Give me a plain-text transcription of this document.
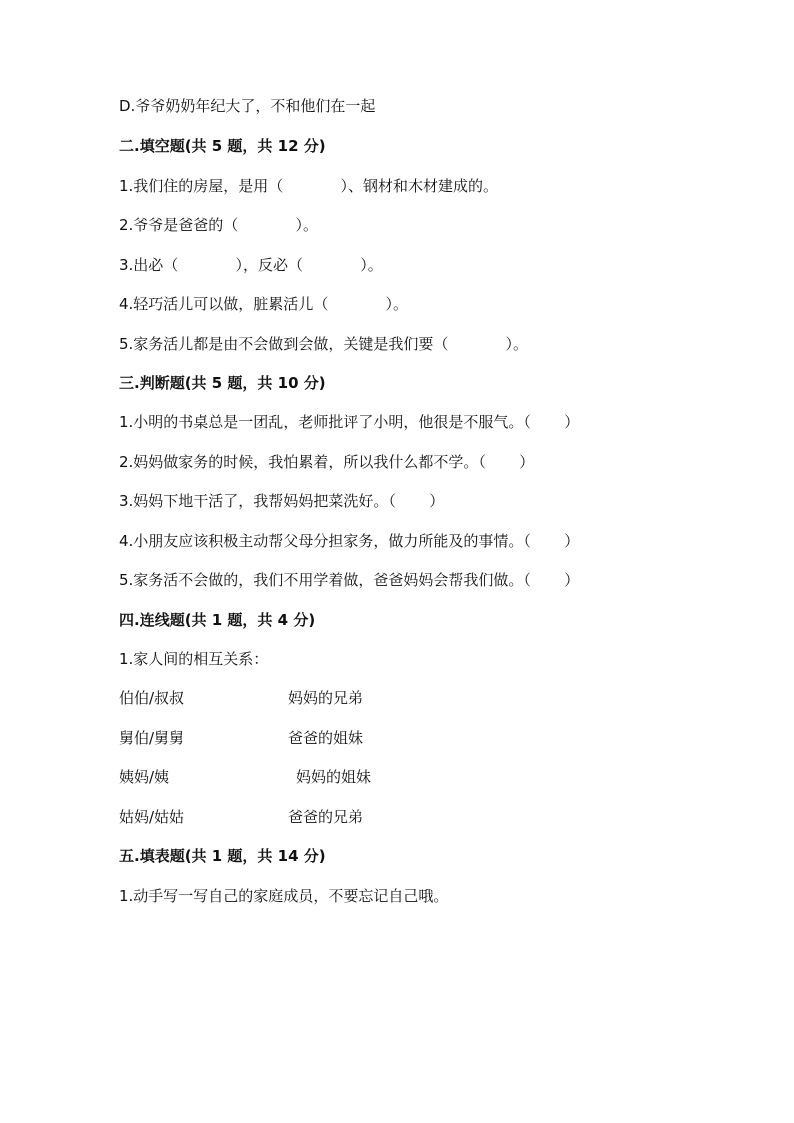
D.爷爷奶奶年纪大了，不和他们在一起

二.填空题(共 5 题，共 12 分)

1.我们住的房屋，是用（            ）、钢材和木材建成的。

2.爷爷是爸爸的（            ）。

3.出必（            ），反必（            ）。

4.轻巧活儿可以做，脏累活儿（            ）。

5.家务活儿都是由不会做到会做，关键是我们要（            ）。

三.判断题(共 5 题，共 10 分)

1.小明的书桌总是一团乱，老师批评了小明，他很是不服气。（       ）

2.妈妈做家务的时候，我怕累着，所以我什么都不学。（       ）

3.妈妈下地干活了，我帮妈妈把菜洗好。（       ）

4.小朋友应该积极主动帮父母分担家务，做力所能及的事情。（       ）

5.家务活不会做的，我们不用学着做，爸爸妈妈会帮我们做。（       ）

四.连线题(共 1 题，共 4 分)

1.家人间的相互关系：

伯伯/叔叔	妈妈的兄弟
舅伯/舅舅	爸爸的姐妹
姨妈/姨	妈妈的姐妹
姑妈/姑姑	爸爸的兄弟

五.填表题(共 1 题，共 14 分)

1.动手写一写自己的家庭成员，不要忘记自己哦。
